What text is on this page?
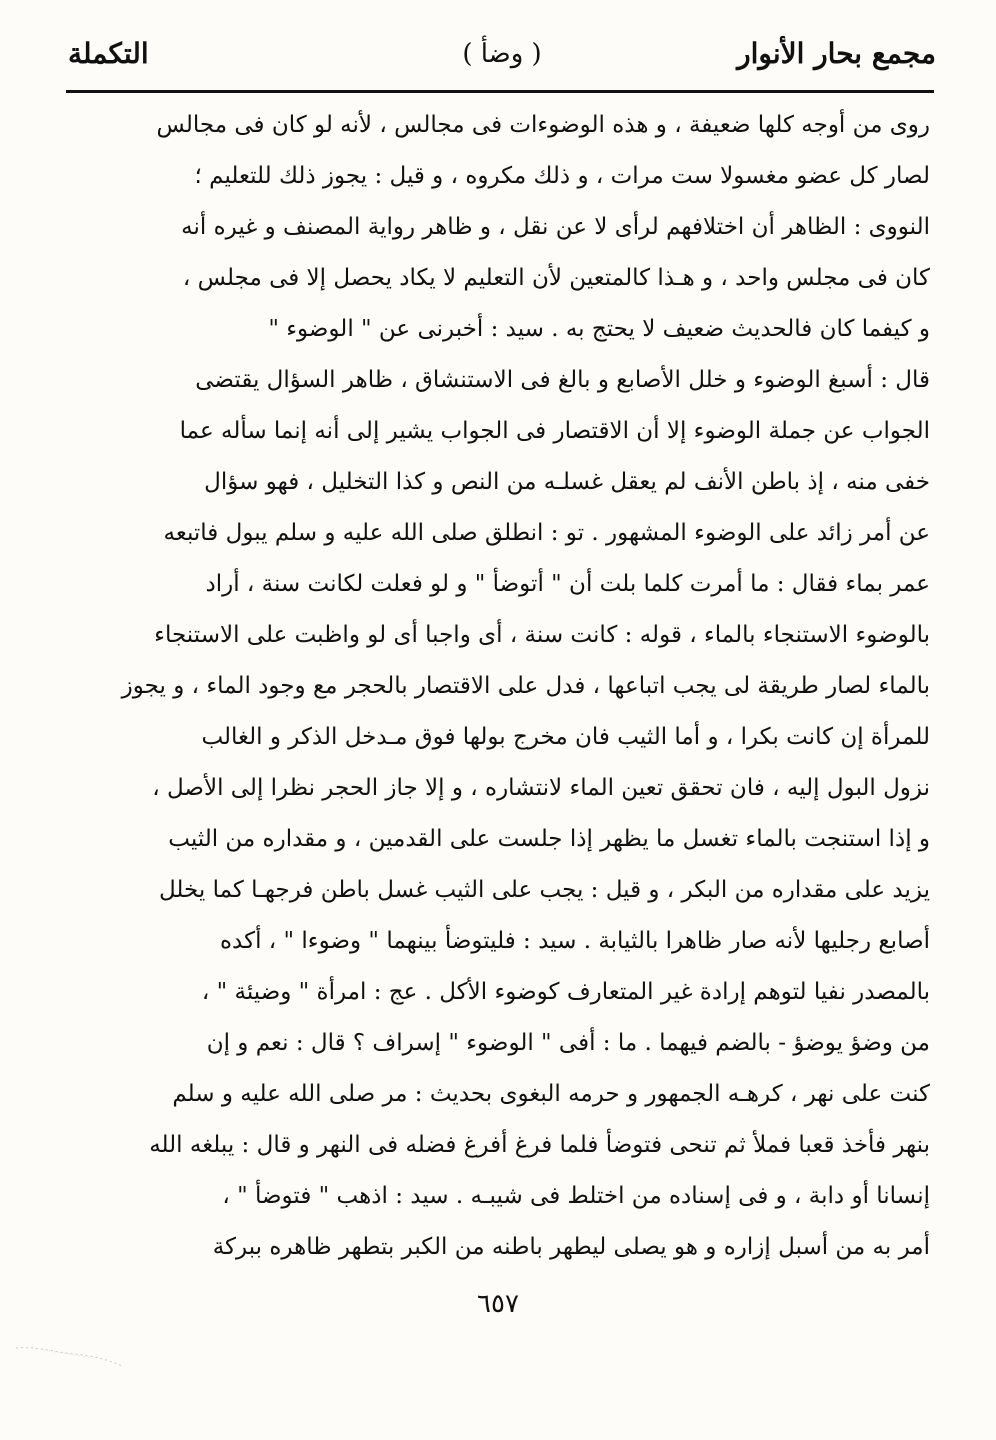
مجمع بحار الأنوار
( وضأ )
التكملة
روى من أوجه كلها ضعيفة ، و هذه الوضوءات فى مجالس ، لأنه لو كان فى مجالس
لصار كل عضو مغسولا ست مرات ، و ذلك مكروه ، و قيل : يجوز ذلك للتعليم ؛
النووى : الظاهر أن اختلافهم لرأى لا عن نقل ، و ظاهر رواية المصنف و غيره أنه
كان فى مجلس واحد ، و هـذا كالمتعين لأن التعليم لا يكاد يحصل إلا فى مجلس ،
و كيفما كان فالحديث ضعيف لا يحتج به . سيد : أخبرنى عن " الوضوء "
قال : أسبغ الوضوء و خلل الأصابع و بالغ فى الاستنشاق ، ظاهر السؤال يقتضى
الجواب عن جملة الوضوء إلا أن الاقتصار فى الجواب يشير إلى أنه إنما سأله عما
خفى منه ، إذ باطن الأنف لم يعقل غسلـه من النص و كذا التخليل ، فهو سؤال
عن أمر زائد على الوضوء المشهور . تو : انطلق صلى الله عليه و سلم يبول فاتبعه
عمر بماء فقال : ما أمرت كلما بلت أن " أتوضأ " و لو فعلت لكانت سنة ، أراد
بالوضوء الاستنجاء بالماء ، قوله : كانت سنة ، أى واجبا أى لو واظبت على الاستنجاء
بالماء لصار طريقة لى يجب اتباعها ، فدل على الاقتصار بالحجر مع وجود الماء ، و يجوز
للمرأة إن كانت بكرا ، و أما الثيب فان مخرج بولها فوق مـدخل الذكر و الغالب
نزول البول إليه ، فان تحقق تعين الماء لانتشاره ، و إلا جاز الحجر نظرا إلى الأصل ،
و إذا استنجت بالماء تغسل ما يظهر إذا جلست على القدمين ، و مقداره من الثيب
يزيد على مقداره من البكر ، و قيل : يجب على الثيب غسل باطن فرجهـا كما يخلل
أصابع رجليها لأنه صار ظاهرا بالثيابة . سيد : فليتوضأ بينهما " وضوءا " ، أكده
بالمصدر نفيا لتوهم إرادة غير المتعارف كوضوء الأكل . عج : امرأة " وضيئة " ،
من وضؤ يوضؤ - بالضم فيهما . ما : أفى " الوضوء " إسراف ؟ قال : نعم و إن
كنت على نهر ، كرهـه الجمهور و حرمه البغوى بحديث : مر صلى الله عليه و سلم
بنهر فأخذ قعبا فملأ ثم تنحى فتوضأ فلما فرغ أفرغ فضله فى النهر و قال : يبلغه الله
إنسانا أو دابة ، و فى إسناده من اختلط فى شيبـه . سيد : اذهب " فتوضأ " ،
أمر به من أسبل إزاره و هو يصلى ليطهر باطنه من الكبر بتطهر ظاهره ببركة
٦٥٧
